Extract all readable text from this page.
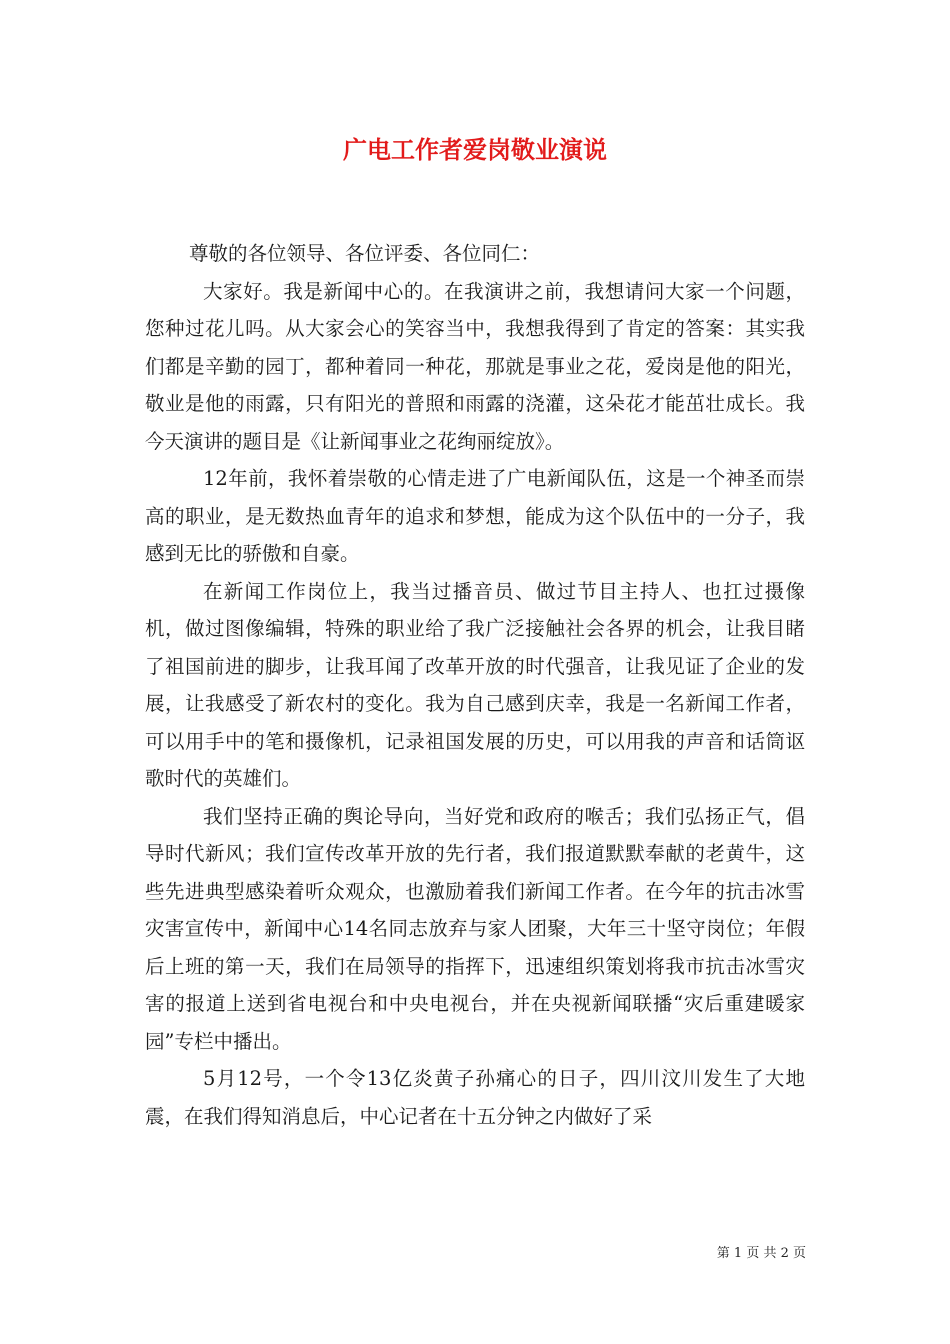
广电工作者爱岗敬业演说

尊敬的各位领导、各位评委、各位同仁：

大家好。我是新闻中心的。在我演讲之前，我想请问大家一个问题，您种过花儿吗。从大家会心的笑容当中，我想我得到了肯定的答案：其实我们都是辛勤的园丁，都种着同一种花，那就是事业之花，爱岗是他的阳光，敬业是他的雨露，只有阳光的普照和雨露的浇灌，这朵花才能茁壮成长。我今天演讲的题目是《让新闻事业之花绚丽绽放》。

12年前，我怀着崇敬的心情走进了广电新闻队伍，这是一个神圣而崇高的职业，是无数热血青年的追求和梦想，能成为这个队伍中的一分子，我感到无比的骄傲和自豪。

在新闻工作岗位上，我当过播音员、做过节目主持人、也扛过摄像机，做过图像编辑，特殊的职业给了我广泛接触社会各界的机会，让我目睹了祖国前进的脚步，让我耳闻了改革开放的时代强音，让我见证了企业的发展，让我感受了新农村的变化。我为自己感到庆幸，我是一名新闻工作者，可以用手中的笔和摄像机，记录祖国发展的历史，可以用我的声音和话筒讴歌时代的英雄们。

我们坚持正确的舆论导向，当好党和政府的喉舌；我们弘扬正气，倡导时代新风；我们宣传改革开放的先行者，我们报道默默奉献的老黄牛，这些先进典型感染着听众观众，也激励着我们新闻工作者。在今年的抗击冰雪灾害宣传中，新闻中心14名同志放弃与家人团聚，大年三十坚守岗位；年假后上班的第一天，我们在局领导的指挥下，迅速组织策划将我市抗击冰雪灾害的报道上送到省电视台和中央电视台，并在央视新闻联播“灾后重建暖家园”专栏中播出。

5月12号，一个令13亿炎黄子孙痛心的日子，四川汶川发生了大地震，在我们得知消息后，中心记者在十五分钟之内做好了采

第 1 页 共 2 页
